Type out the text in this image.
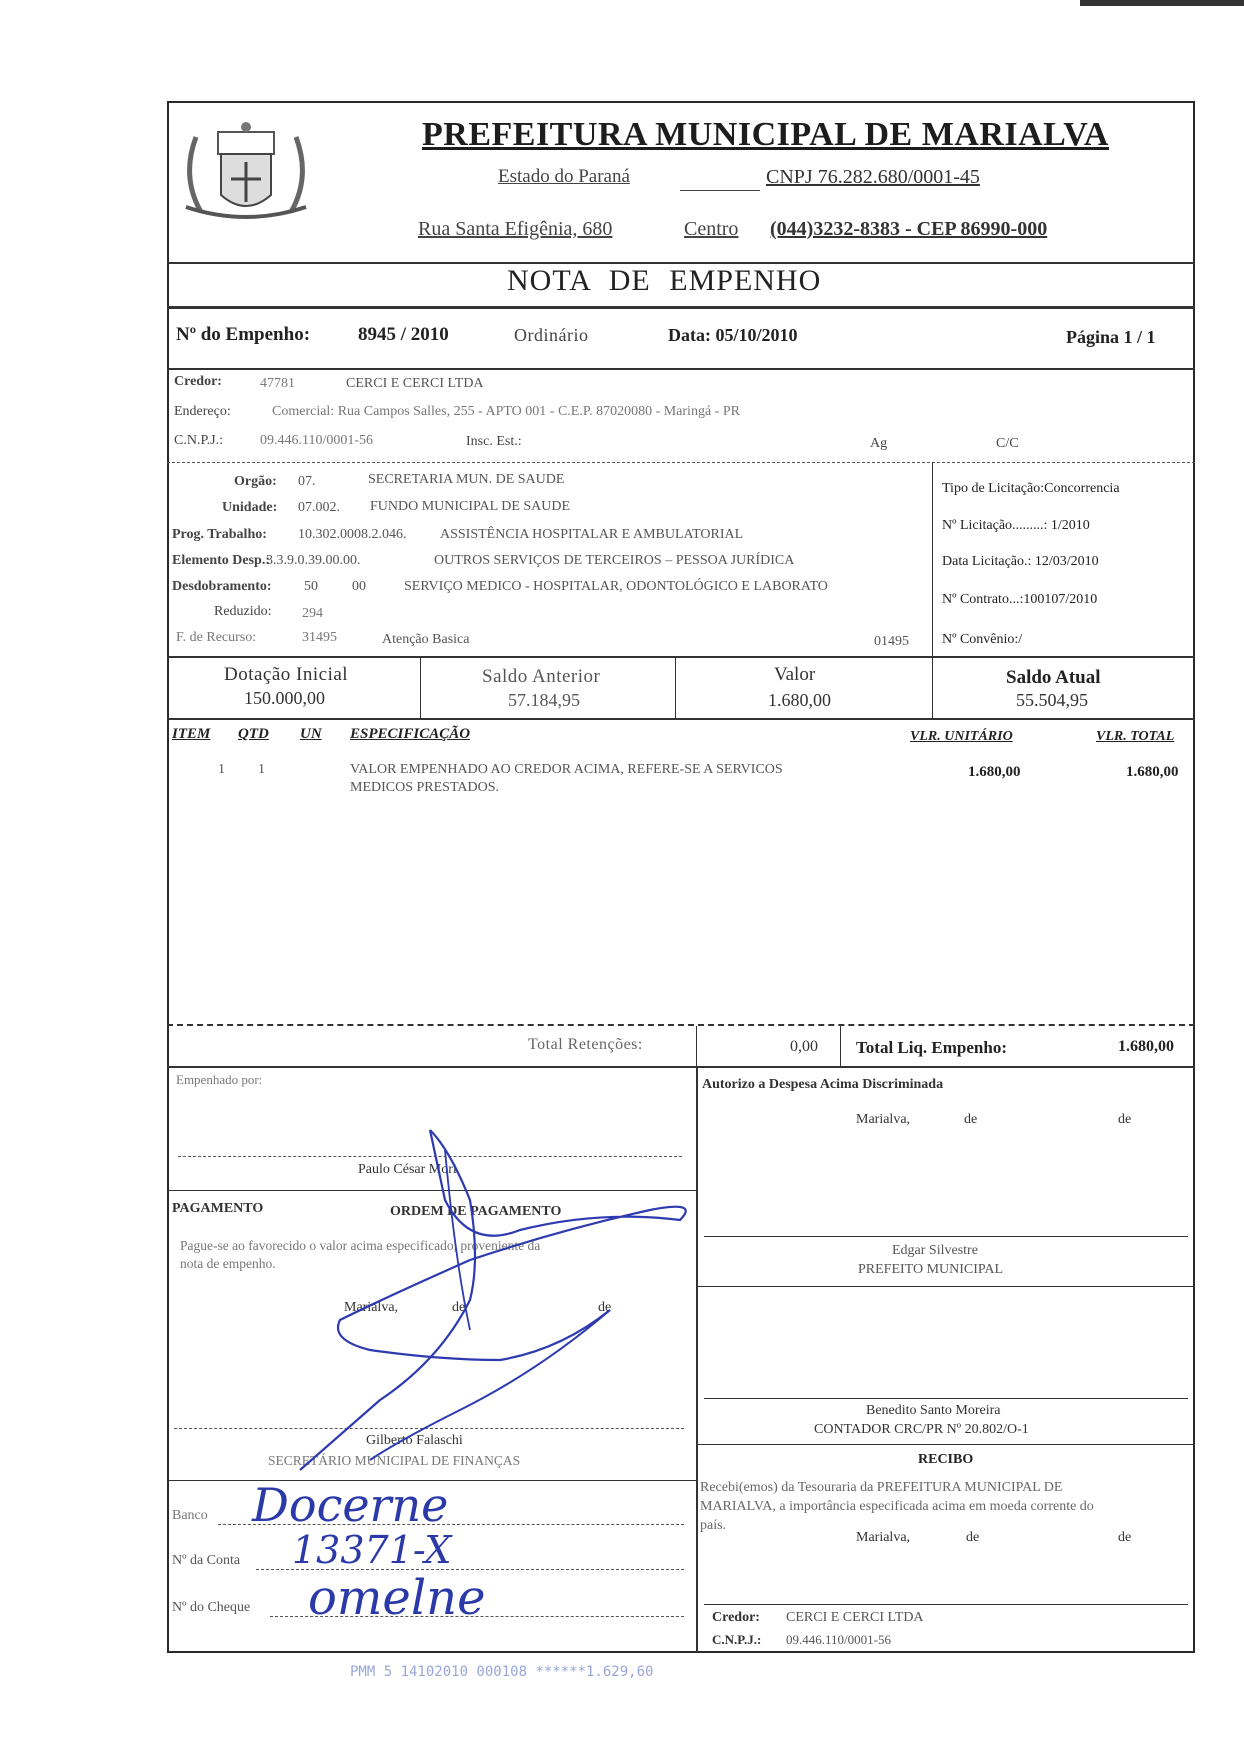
PREFEITURA MUNICIPAL DE MARIALVA
Estado do Paraná	CNPJ 76.282.680/0001-45
Rua Santa Efigênia, 680	Centro (044)3232-8383 - CEP 86990-000
NOTA DE EMPENHO
Nº do Empenho:	8945 / 2010	Ordinário	Data: 05/10/2010	Página 1 / 1
Credor:	47781	CERCI E CERCI LTDA
Endereço:	Comercial: Rua Campos Salles, 255 - APTO 001 - C.E.P. 87020080 - Maringá - PR
C.N.P.J.:	09.446.110/0001-56	Insc. Est.:	Ag	C/C
Orgão: 07.	SECRETARIA MUN. DE SAUDE
Unidade: 07.002. FUNDO MUNICIPAL DE SAUDE
Prog. Trabalho: 10.302.0008.2.046. ASSISTÊNCIA HOSPITALAR E AMBULATORIAL
Elemento Desp.:
3.3.9.0.39.00.00.	OUTROS SERVIÇOS DE TERCEIROS – PESSOA JURÍDICA
Desdobramento: 50 00	SERVIÇO MEDICO - HOSPITALAR, ODONTOLÓGICO E LABORATO
Reduzido: 294
F. de Recurso:	31495	Atenção Basica	01495
Tipo de Licitação:Concorrencia
Nº Licitação.........: 1/2010
Data Licitação.: 12/03/2010
Nº Contrato...:100107/2010
Nº Convênio:/
Dotação Inicial
150.000,00
Saldo Anterior
57.184,95
Valor
1.680,00
Saldo Atual
55.504,95
ITEM QTD UN ESPECIFICAÇÃO	VLR. UNITÁRIO	VLR. TOTAL
1 1	VALOR EMPENHADO AO CREDOR ACIMA, REFERE-SE A SERVICOS
MEDICOS PRESTADOS.
1.680,00	1.680,00
Total Retenções:	0,00 Total Liq. Empenho:	1.680,00
Empenhado por:
Paulo César Mori
PAGAMENTO	ORDEM DE PAGAMENTO
Pague-se ao favorecido o valor acima especificado, proveniente da
nota de empenho.
Marialva,	de	de
Gilberto Falaschi
SECRETÁRIO MUNICIPAL DE FINANÇAS
Banco
Nº da Conta
Nº do Cheque
Docerne
13371-X
omelne
Autorizo a Despesa Acima Discriminada
Marialva,	de	de
Edgar Silvestre
PREFEITO MUNICIPAL
Benedito Santo Moreira
CONTADOR CRC/PR Nº 20.802/O-1
RECIBO
Recebi(emos) da Tesouraria da PREFEITURA MUNICIPAL DE
MARIALVA, a importância especificada acima em moeda corrente do
país.
Marialva,	de	de
Credor: CERCI E CERCI LTDA
C.N.P.J.: 09.446.110/0001-56
PMM 5 14102010 000108 ******1.629,60
